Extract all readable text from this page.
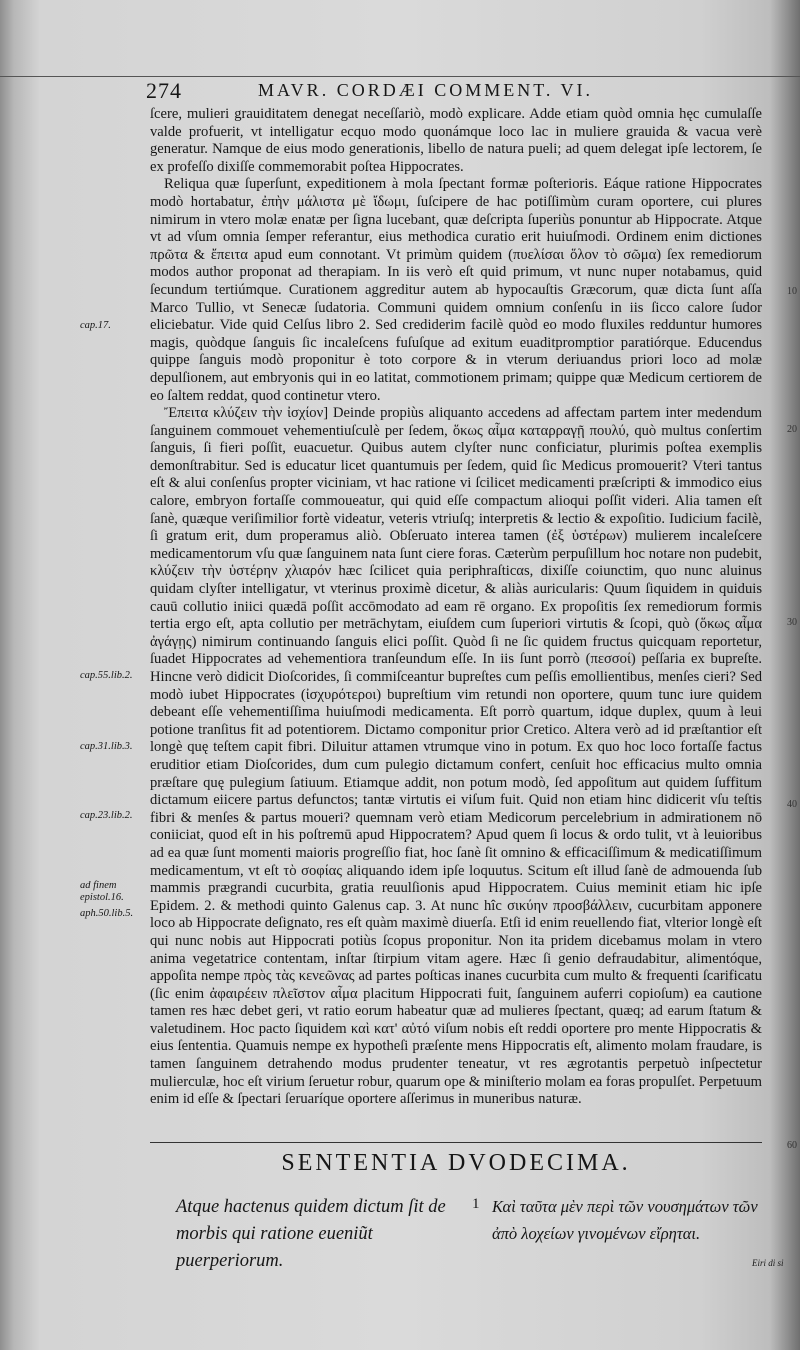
274	MAVR. CORDÆI COMMENT. VI.
cap.17.
cap.55.lib.2.
cap.31.lib.3.
cap.23.lib.2.
ad finem epistol.16.
aph.50.lib.5.
10
20
30
40
60

ſcere, mulieri grauiditatem denegat neceſſariò, modò explicare. Adde etiam quòd omnia hęc cumulaſſe valde profuerit, vt intelligatur ecquo modo quonámque loco lac in muliere grauida & vacua verè generatur. Namque de eius modo generationis, libello de natura pueli; ad quem delegat ipſe lectorem, ſe ex profeſſo dixiſſe commemorabit poſtea Hippocrates.

Reliqua quæ ſuperſunt, expeditionem à mola ſpectant formæ poſterioris. Eáque ratione Hippocrates modò hortabatur, ἐπὴν μάλιστα μὲ ἴδωμι, ſuſcipere de hac potiſſimùm curam oportere, cui plures nimirum in vtero molæ enatæ per ſigna lucebant, quæ deſcripta ſuperiùs ponuntur ab Hippocrate. Atque vt ad vſum omnia ſemper referantur, eius methodica curatio erit huiuſmodi. Ordinem enim dictiones πρῶτα & ἔπειτα apud eum connotant. Vt primùm quidem (πυελίσαι ὅλον τὸ σῶμα) ſex remediorum modos author proponat ad therapiam. In iis verò eſt quid primum, vt nunc nuper notabamus, quid ſecundum tertiúmque. Curationem aggreditur autem ab hypocauſtis Græcorum, quæ dicta ſunt aſſa Marco Tullio, vt Senecæ ſudatoria. Communi quidem omnium conſenſu in iis ſicco calore ſudor eliciebatur. Vide quid Celſus libro 2. Sed crediderim facilè quòd eo modo fluxiles redduntur humores magis, quòdque ſanguis ſic incaleſcens fuſuſque ad exitum euaditpromptior paratiórque. Educendus quippe ſanguis modò proponitur è toto corpore & in vterum deriuandus priori loco ad molæ depulſionem, aut embryonis qui in eo latitat, commotionem primam; quippe quæ Medicum certiorem de eo ſaltem reddat, quod continetur vtero.

Ἔπειτα κλύζειν τὴν ἰσχίον] Deinde propiùs aliquanto accedens ad affectam partem inter medendum ſanguinem commouet vehementiuſculè per ſedem, ὅκως αἷμα καταρραγῇ πουλύ, quò multus conſertim ſanguis, ſi fieri poſſit, euacuetur. Quibus autem clyſter nunc conficiatur, plurimis poſtea exemplis demonſtrabitur. Sed is educatur licet quantumuis per ſedem, quid ſic Medicus promouerit? Vteri tantus eſt & alui conſenſus propter viciniam, vt hac ratione vi ſcilicet medicamenti præſcripti & immodico eius calore, embryon fortaſſe commoueatur, qui quid eſſe compactum alioqui poſſit videri. Alia tamen eſt ſanè, quæque veriſimilior fortè videatur, veteris vtriuſq; interpretis & lectio & expoſitio. Iudicium facilè, ſi gratum erit, dum properamus aliò. Obſeruato interea tamen (ἐξ ὑστέρων) mulierem incaleſcere medicamentorum vſu quæ ſanguinem nata ſunt ciere foras. Cæterùm perpuſillum hoc notare non pudebit, κλύζειν τὴν ὑστέρην χλιαρόν hæc ſcilicet quia periphraſticαs, dixiſſe coiunctim, quo nunc aluinus quidam clyſter intelligatur, vt vterinus proximè dicetur, & aliàs auricularis: Quum ſiquidem in quiduis cauū collutio iniici quædā poſſit accōmodato ad eam rē organo. Ex propoſitis ſex remediorum formis tertia ergo eſt, apta collutio per metrāchytam, eiuſdem cum ſuperiori virtutis & ſcopi, quò (ὅκως αἷμα ἀγάγῃς) nimirum continuando ſanguis elici poſſit. Quòd ſi ne ſic quidem fructus quicquam reportetur, ſuadet Hippocrates ad vehementiora tranſeundum eſſe. In iis ſunt porrò (πεσσοί) peſſaria ex bupreſte. Hincne verò didicit Dioſcorides, ſi commiſceantur bupreſtes cum peſſis emollientibus, menſes cieri? Sed modò iubet Hippocrates (ἰσχυρότεροι) bupreſtium vim retundi non oportere, quum tunc iure quidem debeant eſſe vehementiſſima huiuſmodi medicamenta. Eſt porrò quartum, idque duplex, quum à leui potione tranſitus fit ad potentiorem. Dictamo componitur prior Cretico. Altera verò ad id præſtantior eſt longè quę teſtem capit fibri. Diluitur attamen vtrumque vino in potum. Ex quo hoc loco fortaſſe factus eruditior etiam Dioſcorides, dum cum pulegio dictamum confert, cenſuit hoc efficacius multo omnia præſtare quę pulegium ſatiuum. Etiamque addit, non potum modò, ſed appoſitum aut quidem ſuffitum dictamum eiicere partus defunctos; tantæ virtutis ei viſum fuit. Quid non etiam hinc didicerit vſu teſtis fibri & menſes & partus moueri? quemnam verò etiam Medicorum percelebrium in admirationem nō coniiciat, quod eſt in his poſtremū apud Hippocratem? Apud quem ſi locus & ordo tulit, vt à leuioribus ad ea quæ ſunt momenti maioris progreſſio fiat, hoc ſanè ſit omnino & efficaciſſimum & medicatiſſimum medicamentum, vt eſt τὸ σοφίας aliquando idem ipſe loquutus. Scitum eſt illud ſanè de admouenda ſub mammis prægrandi cucurbita, gratia reuulſionis apud Hippocratem. Cuius meminit etiam hic ipſe Epidem. 2. & methodi quinto Galenus cap. 3. At nunc hîc σικύην προσβάλλειν, cucurbitam apponere loco ab Hippocrate deſignato, res eſt quàm maximè diuerſa. Etſi id enim reuellendo fiat, vlterior longè eſt qui nunc nobis aut Hippocrati potiùs ſcopus proponitur. Non ita pridem dicebamus molam in vtero anima vegetatrice contentam, inſtar ſtirpium vitam agere. Hæc ſi genio defraudabitur, alimentóque, appoſita nempe πρὸς τὰς κενεῶνας ad partes poſticas inanes cucurbita cum multo & frequenti ſcarificatu (ſic enim ἀφαιρέειν πλεῖστον αἷμα placitum Hippocrati fuit, ſanguinem auferri copioſum) ea cautione tamen res hæc debet geri, vt ratio eorum habeatur quæ ad mulieres ſpectant, quæq; ad earum ſtatum & valetudinem. Hoc pacto ſiquidem καὶ κατ' αὐτό viſum nobis eſt reddi oportere pro mente Hippocratis & eius ſententia. Quamuis nempe ex hypotheſi præſente mens Hippocratis eſt, alimento molam fraudare, is tamen ſanguinem detrahendo modus prudenter teneatur, vt res ægrotantis perpetuò inſpectetur mulierculæ, hoc eſt virium ſeruetur robur, quarum ope & miniſterio molam ea foras propulſet. Perpetuum enim id eſſe & ſpectari ſeruaríque oportere aſſerimus in muneribus naturæ.

SENTENTIA DVODECIMA.
Atque hactenus quidem dictum ſit de morbis qui ratione eueniũt puerperiorum.
1 Καὶ ταῦτα μὲν περὶ τῶν νουσημάτων τῶν ἀπὸ λοχείων γινομένων εἴρηται.
Eiri di si
